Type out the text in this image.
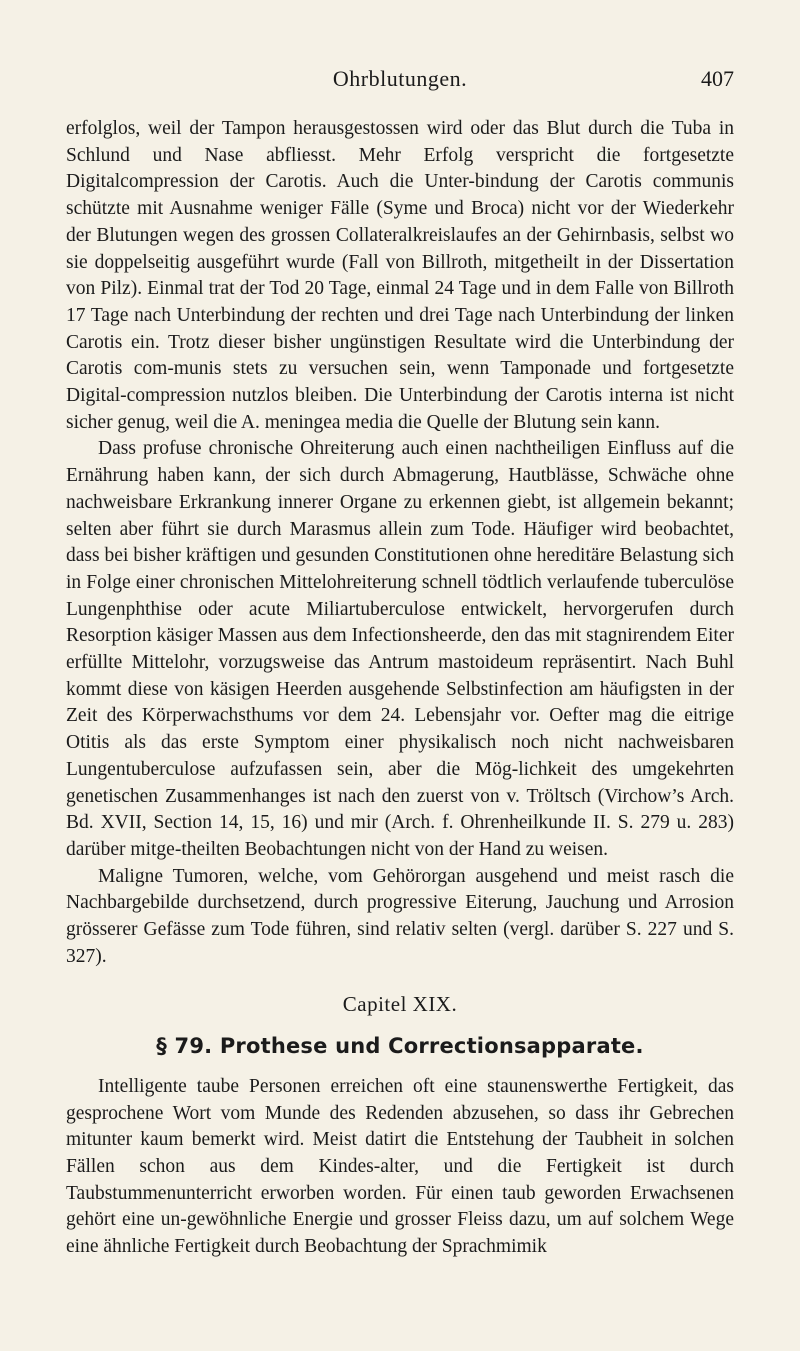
Ohrblutungen.	407

erfolglos, weil der Tampon herausgestossen wird oder das Blut durch die Tuba in Schlund und Nase abfliesst. Mehr Erfolg verspricht die fortgesetzte Digitalcompression der Carotis. Auch die Unter-bindung der Carotis communis schützte mit Ausnahme weniger Fälle (Syme und Broca) nicht vor der Wiederkehr der Blutungen wegen des grossen Collateralkreislaufes an der Gehirnbasis, selbst wo sie doppelseitig ausgeführt wurde (Fall von Billroth, mitgetheilt in der Dissertation von Pilz). Einmal trat der Tod 20 Tage, einmal 24 Tage und in dem Falle von Billroth 17 Tage nach Unterbindung der rechten und drei Tage nach Unterbindung der linken Carotis ein. Trotz dieser bisher ungünstigen Resultate wird die Unterbindung der Carotis com-munis stets zu versuchen sein, wenn Tamponade und fortgesetzte Digital-compression nutzlos bleiben. Die Unterbindung der Carotis interna ist nicht sicher genug, weil die A. meningea media die Quelle der Blutung sein kann.

Dass profuse chronische Ohreiterung auch einen nachtheiligen Einfluss auf die Ernährung haben kann, der sich durch Abmagerung, Hautblässe, Schwäche ohne nachweisbare Erkrankung innerer Organe zu erkennen giebt, ist allgemein bekannt; selten aber führt sie durch Marasmus allein zum Tode. Häufiger wird beobachtet, dass bei bisher kräftigen und gesunden Constitutionen ohne hereditäre Belastung sich in Folge einer chronischen Mittelohreiterung schnell tödtlich verlaufende tuberculöse Lungenphthise oder acute Miliartuberculose entwickelt, hervorgerufen durch Resorption käsiger Massen aus dem Infectionsheerde, den das mit stagnirendem Eiter erfüllte Mittelohr, vorzugsweise das Antrum mastoideum repräsentirt. Nach Buhl kommt diese von käsigen Heerden ausgehende Selbstinfection am häufigsten in der Zeit des Körperwachsthums vor dem 24. Lebensjahr vor. Oefter mag die eitrige Otitis als das erste Symptom einer physikalisch noch nicht nachweisbaren Lungentuberculose aufzufassen sein, aber die Mög-lichkeit des umgekehrten genetischen Zusammenhanges ist nach den zuerst von v. Tröltsch (Virchow’s Arch. Bd. XVII, Section 14, 15, 16) und mir (Arch. f. Ohrenheilkunde II. S. 279 u. 283) darüber mitge-theilten Beobachtungen nicht von der Hand zu weisen.

Maligne Tumoren, welche, vom Gehörorgan ausgehend und meist rasch die Nachbargebilde durchsetzend, durch progressive Eiterung, Jauchung und Arrosion grösserer Gefässe zum Tode führen, sind relativ selten (vergl. darüber S. 227 und S. 327).

Capitel XIX.
§ 79. Prothese und Correctionsapparate.

Intelligente taube Personen erreichen oft eine staunenswerthe Fertigkeit, das gesprochene Wort vom Munde des Redenden abzusehen, so dass ihr Gebrechen mitunter kaum bemerkt wird. Meist datirt die Entstehung der Taubheit in solchen Fällen schon aus dem Kindes-alter, und die Fertigkeit ist durch Taubstummenunterricht erworben worden. Für einen taub geworden Erwachsenen gehört eine un-gewöhnliche Energie und grosser Fleiss dazu, um auf solchem Wege eine ähnliche Fertigkeit durch Beobachtung der Sprachmimik
